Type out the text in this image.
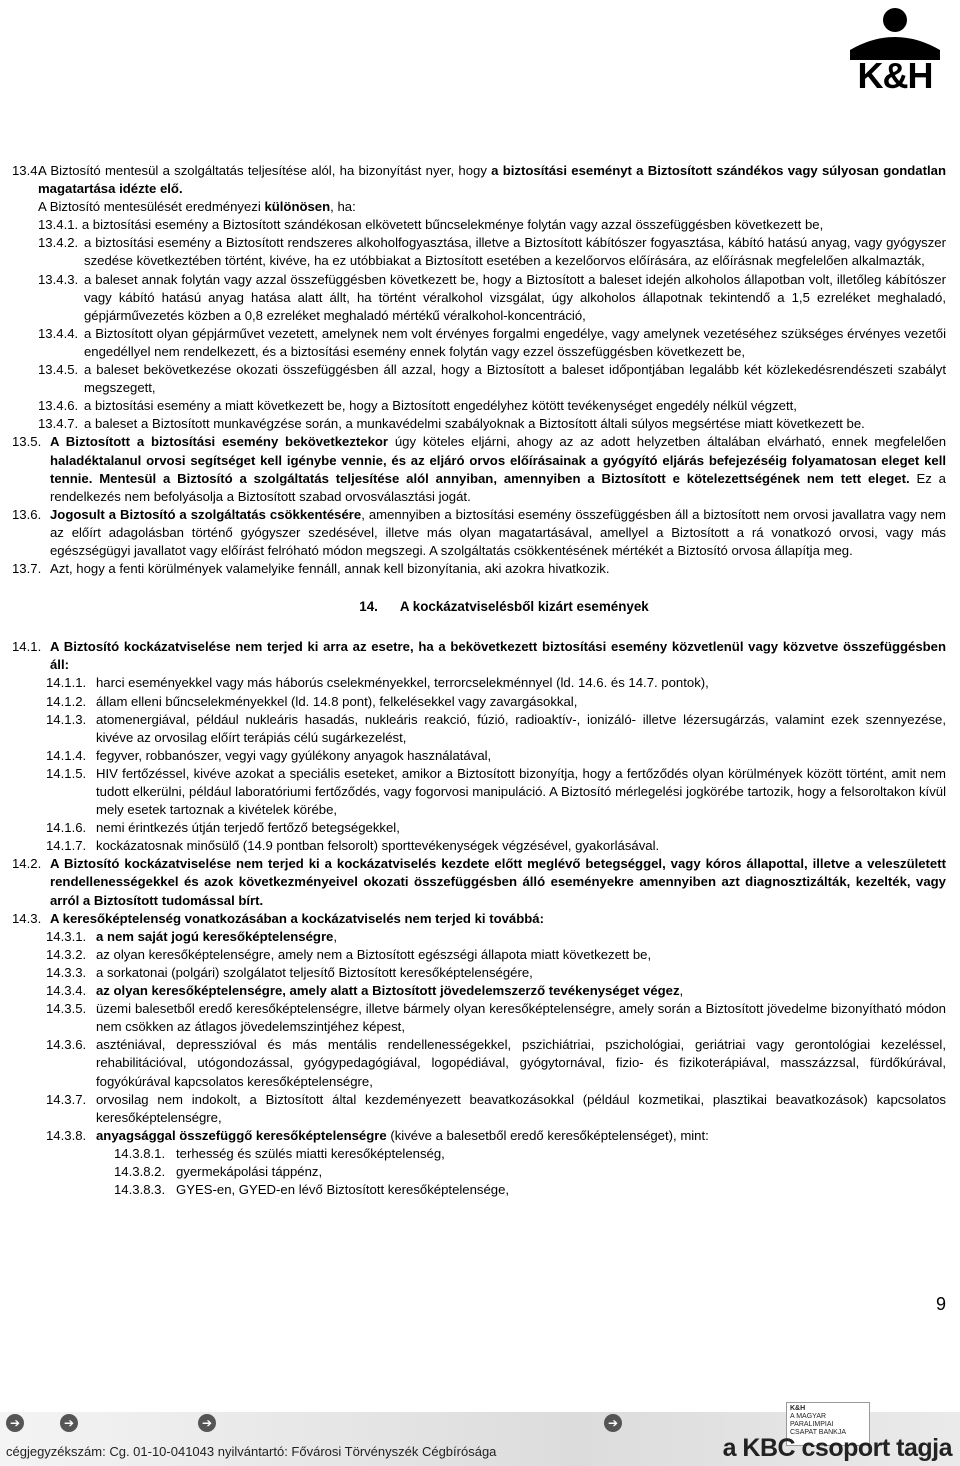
K&H
13.4.
A Biztosító mentesül a szolgáltatás teljesítése alól, ha bizonyítást nyer, hogy a biztosítási eseményt a Biztosított szándékos vagy súlyosan gondatlan magatartása idézte elő.
A Biztosító mentesülését eredményezi különösen, ha:
13.4.1. a biztosítási esemény a Biztosított szándékosan elkövetett bűncselekménye folytán vagy azzal összefüggésben következett be,
13.4.2. a biztosítási esemény a Biztosított rendszeres alkoholfogyasztása, illetve a Biztosított kábítószer fogyasztása, kábító hatású anyag, vagy gyógyszer szedése következtében történt, kivéve, ha ez utóbbiakat a Biztosított esetében a kezelőorvos előírására, az előírásnak megfelelően alkalmazták,
13.4.3. a baleset annak folytán vagy azzal összefüggésben következett be, hogy a Biztosított a baleset idején alkoholos állapotban volt, illetőleg kábítószer vagy kábító hatású anyag hatása alatt állt, ha történt véralkohol vizsgálat, úgy alkoholos állapotnak tekintendő a 1,5 ezreléket meghaladó, gépjárművezetés közben a 0,8 ezreléket meghaladó mértékű véralkohol-koncentráció,
13.4.4. a Biztosított olyan gépjárművet vezetett, amelynek nem volt érvényes forgalmi engedélye, vagy amelynek vezetéséhez szükséges érvényes vezetői engedéllyel nem rendelkezett, és a biztosítási esemény ennek folytán vagy ezzel összefüggésben következett be,
13.4.5. a baleset bekövetkezése okozati összefüggésben áll azzal, hogy a Biztosított a baleset időpontjában legalább két közlekedésrendészeti szabályt megszegett,
13.4.6. a biztosítási esemény a miatt következett be, hogy a Biztosított engedélyhez kötött tevékenységet engedély nélkül végzett,
13.4.7. a baleset a Biztosított munkavégzése során, a munkavédelmi szabályoknak a Biztosított általi súlyos megsértése miatt következett be.
13.5. A Biztosított a biztosítási esemény bekövetkeztekor úgy köteles eljárni, ahogy az az adott helyzetben általában elvárható, ennek megfelelően haladéktalanul orvosi segítséget kell igénybe vennie, és az eljáró orvos előírásainak a gyógyító eljárás befejezéséig folyamatosan eleget kell tennie. Mentesül a Biztosító a szolgáltatás teljesítése alól annyiban, amennyiben a Biztosított e kötelezettségének nem tett eleget. Ez a rendelkezés nem befolyásolja a Biztosított szabad orvosválasztási jogát.
13.6. Jogosult a Biztosító a szolgáltatás csökkentésére, amennyiben a biztosítási esemény összefüggésben áll a biztosított nem orvosi javallatra vagy nem az előírt adagolásban történő gyógyszer szedésével, illetve más olyan magatartásával, amellyel a Biztosított a rá vonatkozó orvosi, vagy más egészségügyi javallatot vagy előírást felróható módon megszegi. A szolgáltatás csökkentésének mértékét a Biztosító orvosa állapítja meg.
13.7. Azt, hogy a fenti körülmények valamelyike fennáll, annak kell bizonyítania, aki azokra hivatkozik.
14. A kockázatviselésből kizárt események
14.1. A Biztosító kockázatviselése nem terjed ki arra az esetre, ha a bekövetkezett biztosítási esemény közvetlenül vagy közvetve összefüggésben áll:
14.1.1. harci eseményekkel vagy más háborús cselekményekkel, terrorcselekménnyel (ld. 14.6. és 14.7. pontok),
14.1.2. állam elleni bűncselekményekkel (ld. 14.8 pont), felkelésekkel vagy zavargásokkal,
14.1.3. atomenergiával, például nukleáris hasadás, nukleáris reakció, fúzió, radioaktív-, ionizáló- illetve lézersugárzás, valamint ezek szennyezése, kivéve az orvosilag előírt terápiás célú sugárkezelést,
14.1.4. fegyver, robbanószer, vegyi vagy gyúlékony anyagok használatával,
14.1.5. HIV fertőzéssel, kivéve azokat a speciális eseteket, amikor a Biztosított bizonyítja, hogy a fertőződés olyan körülmények között történt, amit nem tudott elkerülni, például laboratóriumi fertőződés, vagy fogorvosi manipuláció. A Biztosító mérlegelési jogkörébe tartozik, hogy a felsoroltakon kívül mely esetek tartoznak a kivételek körébe,
14.1.6. nemi érintkezés útján terjedő fertőző betegségekkel,
14.1.7. kockázatosnak minősülő (14.9 pontban felsorolt) sporttevékenységek végzésével, gyakorlásával.
14.2. A Biztosító kockázatviselése nem terjed ki a kockázatviselés kezdete előtt meglévő betegséggel, vagy kóros állapottal, illetve a veleszületett rendellenességekkel és azok következményeivel okozati összefüggésben álló eseményekre amennyiben azt diagnosztizálták, kezelték, vagy arról a Biztosított tudomással bírt.
14.3. A keresőképtelenség vonatkozásában a kockázatviselés nem terjed ki továbbá:
14.3.1. a nem saját jogú keresőképtelenségre,
14.3.2. az olyan keresőképtelenségre, amely nem a Biztosított egészségi állapota miatt következett be,
14.3.3. a sorkatonai (polgári) szolgálatot teljesítő Biztosított keresőképtelenségére,
14.3.4. az olyan keresőképtelenségre, amely alatt a Biztosított jövedelemszerző tevékenységet végez,
14.3.5. üzemi balesetből eredő keresőképtelenségre, illetve bármely olyan keresőképtelenségre, amely során a Biztosított jövedelme bizonyítható módon nem csökken az átlagos jövedelemszintjéhez képest,
14.3.6. aszténiával, depresszióval és más mentális rendellenességekkel, pszichiátriai, pszichológiai, geriátriai vagy gerontológiai kezeléssel, rehabilitációval, utógondozással, gyógypedagógiával, logopédiával, gyógytornával, fizio- és fizikoterápiával, masszázzsal, fürdőkúrával, fogyókúrával kapcsolatos keresőképtelenségre,
14.3.7. orvosilag nem indokolt, a Biztosított által kezdeményezett beavatkozásokkal (például kozmetikai, plasztikai beavatkozások) kapcsolatos keresőképtelenségre,
14.3.8. anyagsággal összefüggő keresőképtelenségre (kivéve a balesetből eredő keresőképtelenséget), mint:
14.3.8.1. terhesség és szülés miatti keresőképtelenség,
14.3.8.2. gyermekápolási táppénz,
14.3.8.3. GYES-en, GYED-en lévő Biztosított keresőképtelensége,
9
➔	➔	➔	➔
K&H
A MAGYAR
PARALIMPIAI
CSAPAT BANKJA
cégjegyzékszám: Cg. 01-10-041043 nyilvántartó: Fővárosi Törvényszék Cégbírósága	a KBC csoport tagja
